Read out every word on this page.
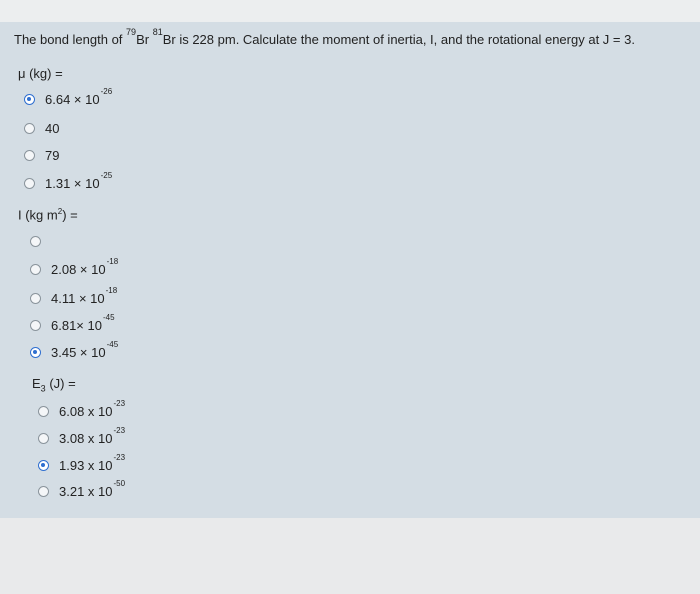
The bond length of $^{79}$Br $^{81}$Br is 228 pm. Calculate the moment of inertia, I, and the rotational energy at J = 3.
μ (kg) =
$6.64 \times 10^{-26}$
40
79
$1.31 \times 10^{-25}$
I (kg $m^2$) =
$2.08 \times 10^{-18}$
$4.11 \times 10^{-18}$
$6.81\times 10^{-45}$
$3.45 \times 10^{-45}$
$E_3$ (J) =
6.08 x $10^{-23}$
3.08 x $10^{-23}$
1.93 x $10^{-23}$
3.21 x $10^{-50}$
